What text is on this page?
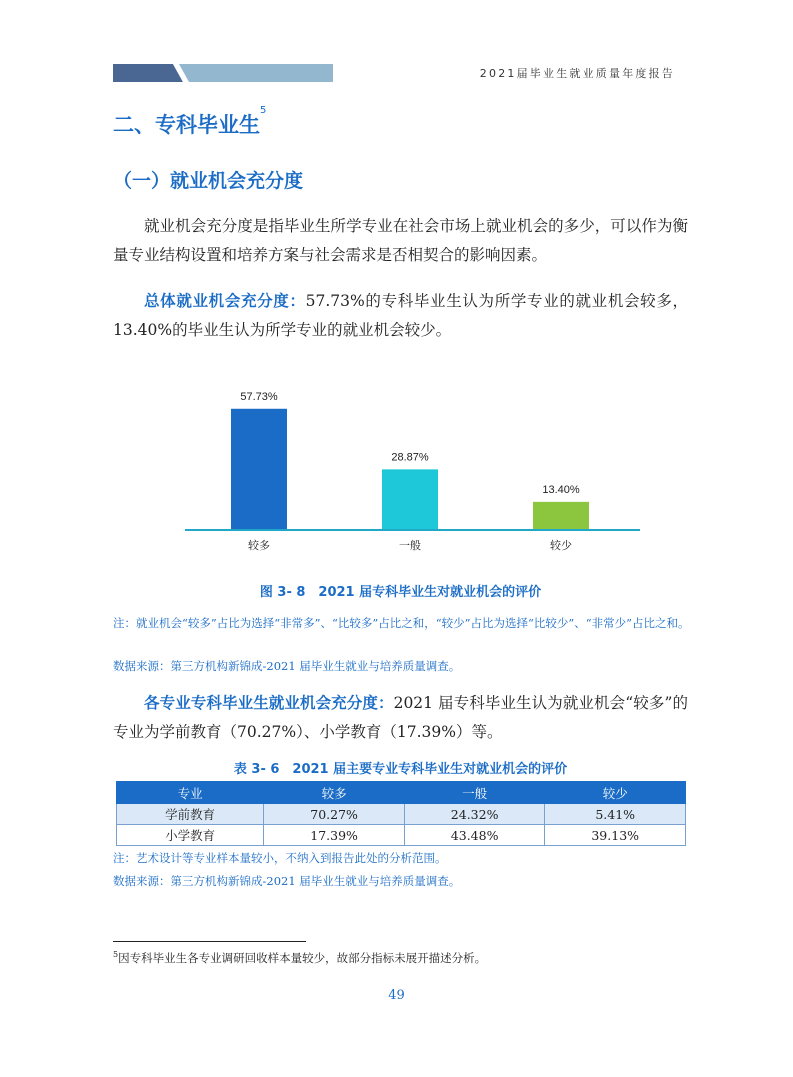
2021届毕业生就业质量年度报告
二、专科毕业生$^5$
（一）就业机会充分度

就业机会充分度是指毕业生所学专业在社会市场上就业机会的多少，可以作为衡量专业结构设置和培养方案与社会需求是否相契合的影响因素。

总体就业机会充分度：57.73%的专科毕业生认为所学专业的就业机会较多，13.40%的毕业生认为所学专业的就业机会较少。

57.73%
较多
28.87%
一般
13.40%
较少
图 3- 8　2021 届专科毕业生对就业机会的评价

注：就业机会“较多”占比为选择“非常多”、“比较多”占比之和，“较少”占比为选择“比较少”、“非常少”占比之和。

数据来源：第三方机构新锦成-2021 届毕业生就业与培养质量调查。

各专业专科毕业生就业机会充分度：2021 届专科毕业生认为就业机会“较多”的专业为学前教育（70.27%）、小学教育（17.39%）等。

表 3- 6　2021 届主要专业专科毕业生对就业机会的评价
专业	较多	一般	较少
学前教育	70.27%	24.32%	5.41%
小学教育	17.39%	43.48%	39.13%

注：艺术设计等专业样本量较小，不纳入到报告此处的分析范围。

数据来源：第三方机构新锦成-2021 届毕业生就业与培养质量调查。

$^5$因专科毕业生各专业调研回收样本量较少，故部分指标未展开描述分析。
49
